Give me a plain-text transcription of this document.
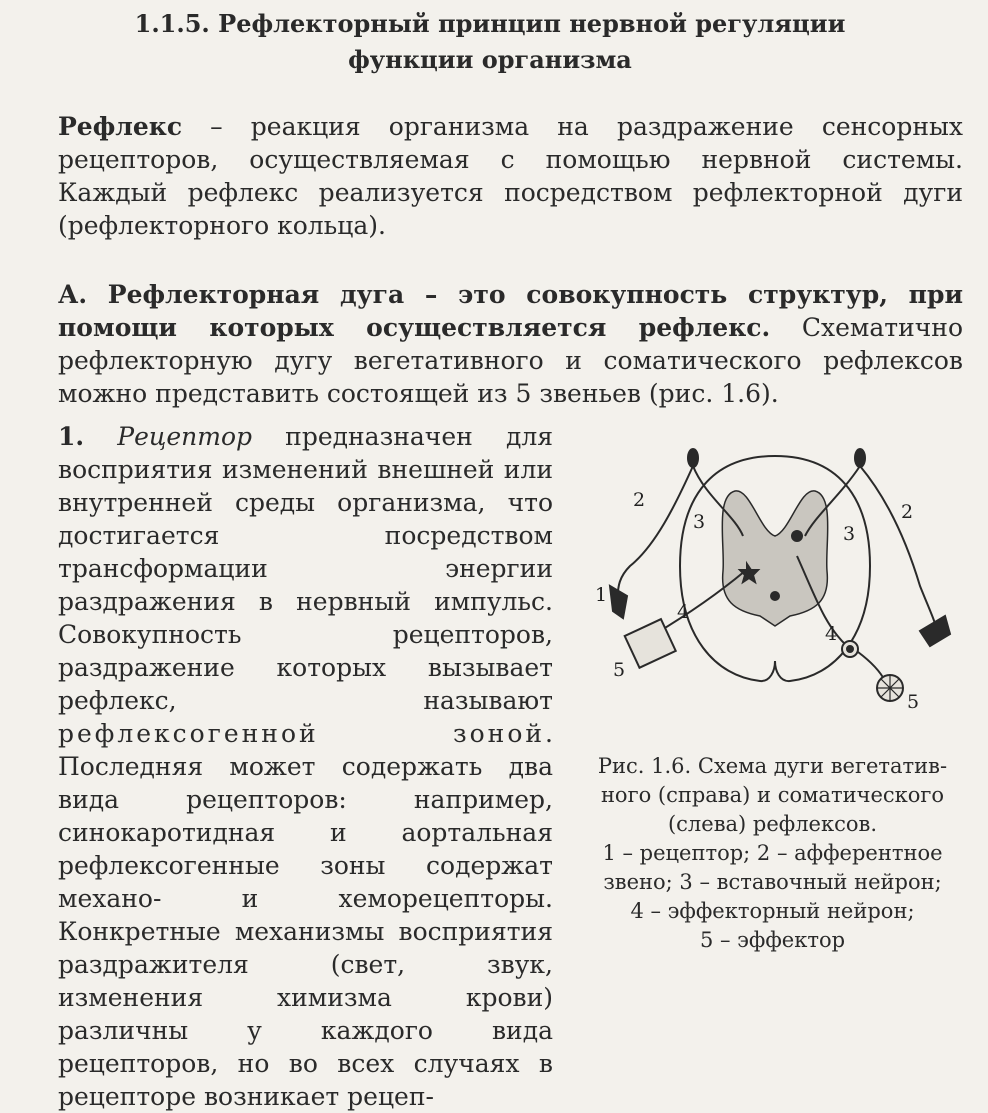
1.1.5. Рефлекторный принцип нервной регуляции
функции организма
Рефлекс – реакция организма на раздражение сенсорных рецепторов, осуществляемая с помощью нервной системы. Каждый рефлекс реализуется посредством рефлекторной дуги (рефлекторного кольца).
А. Рефлекторная дуга – это совокупность структур, при помощи которых осуществляется рефлекс. Схематично рефлекторную дугу вегетативного и соматического рефлексов можно представить состоящей из 5 звеньев (рис. 1.6).
1. Рецептор предназначен для восприятия изменений внешней или внутренней среды организма, что достигается посредством трансформации энергии раздражения в нервный импульс. Совокупность рецепторов, раздражение которых вызывает рефлекс, называют рефлексогенной зоной. Последняя может содержать два вида рецепторов: например, синокаротидная и аортальная рефлексогенные зоны содержат механо- и хеморецепторы. Конкретные механизмы восприятия раздражителя (свет, звук, изменения химизма крови) различны у каждого вида рецепторов, но во всех случаях в рецепторе возникает рецеп-
1
2
2
3
3
4
4
5
5
Рис. 1.6. Схема дуги вегетатив-
ного (справа) и соматического
(слева) рефлексов.
1 – рецептор; 2 – афферентное
звено; 3 – вставочный нейрон;
4 – эффекторный нейрон;
5 – эффектор
